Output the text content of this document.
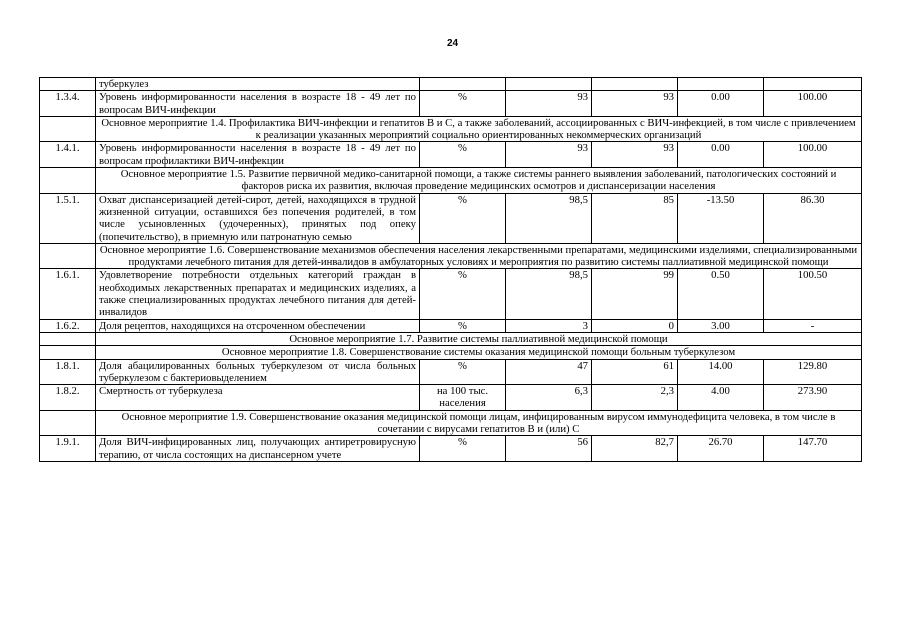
24
	туберкулез					
1.3.4.	Уровень информированности населения в возрасте 18 - 49 лет по вопросам ВИЧ-инфекции	%	93	93	0.00	100.00
	Основное мероприятие 1.4. Профилактика ВИЧ-инфекции и гепатитов B и C, а также заболеваний, ассоциированных с ВИЧ-инфекцией, в том числе с привлечением к реализации указанных мероприятий социально ориентированных некоммерческих организаций					
1.4.1.	Уровень информированности населения в возрасте 18 - 49 лет по вопросам профилактики ВИЧ-инфекции	%	93	93	0.00	100.00
	Основное мероприятие 1.5. Развитие первичной медико-санитарной помощи, а также системы раннего выявления заболеваний, патологических состояний и факторов риска их развития, включая проведение медицинских осмотров и диспансеризации населения					
1.5.1.	Охват диспансеризацией детей-сирот, детей, находящихся в трудной жизненной ситуации, оставшихся без попечения родителей, в том числе усыновленных (удочеренных), принятых под опеку (попечительство), в приемную или патронатную семью	%	98,5	85	-13.50	86.30
	Основное мероприятие 1.6. Совершенствование механизмов обеспечения населения лекарственными препаратами, медицинскими изделиями, специализированными продуктами лечебного питания для детей-инвалидов в амбулаторных условиях и мероприятия по развитию системы паллиативной медицинской помощи					
1.6.1.	Удовлетворение потребности отдельных категорий граждан в необходимых лекарственных препаратах и медицинских изделиях, а также специализированных продуктах лечебного питания для детей-инвалидов	%	98,5	99	0.50	100.50
1.6.2.	Доля рецептов, находящихся на отсроченном обеспечении	%	3	0	3.00	-
	Основное мероприятие 1.7. Развитие системы паллиативной медицинской помощи					
	Основное мероприятие 1.8. Совершенствование системы оказания медицинской помощи больным туберкулезом					
1.8.1.	Доля абацилированных больных туберкулезом от числа больных туберкулезом с бактериовыделением	%	47	61	14.00	129.80
1.8.2.	Смертность от туберкулеза	на 100 тыс. населения	6,3	2,3	4.00	273.90
	Основное мероприятие 1.9. Совершенствование оказания медицинской помощи лицам, инфицированным вирусом иммунодефицита человека, в том числе в сочетании с вирусами гепатитов B и (или) C					
1.9.1.	Доля ВИЧ-инфицированных лиц, получающих антиретровирусную терапию, от числа состоящих на диспансерном учете	%	56	82,7	26.70	147.70
